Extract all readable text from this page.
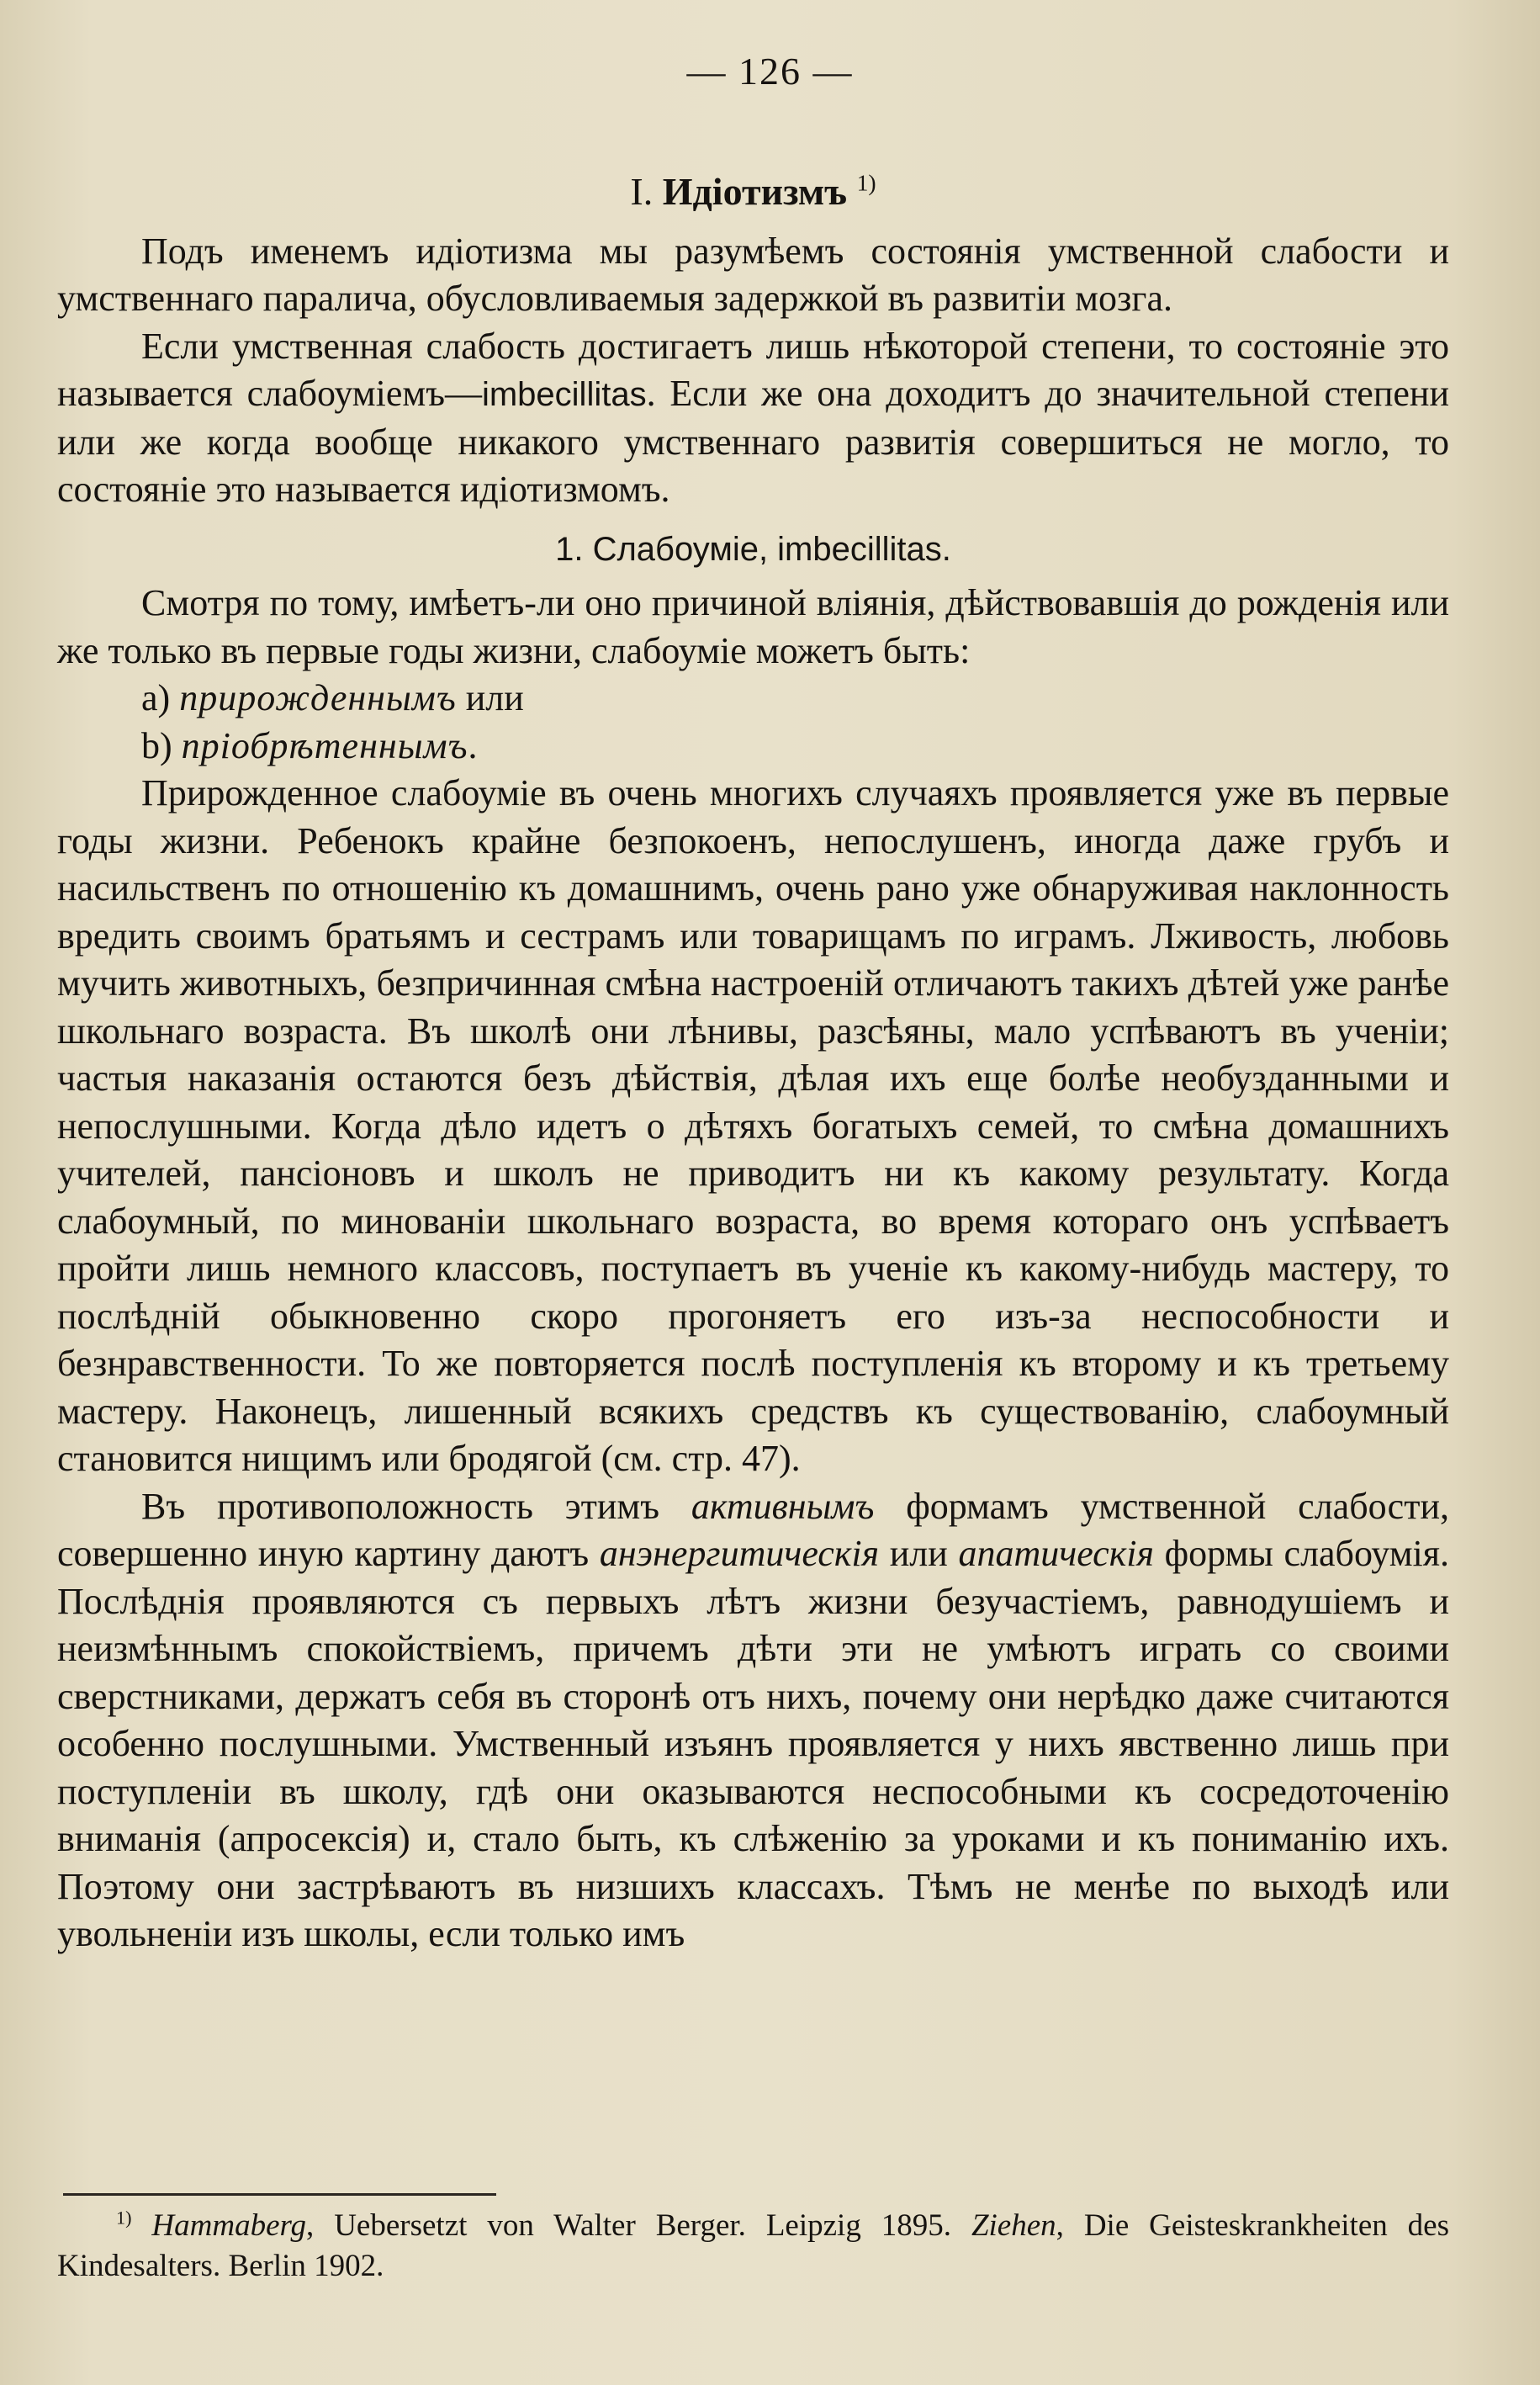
— 126 —
I. Идіотизмъ $^{1)}$

Подъ именемъ идіотизма мы разумѣемъ состоянія умственной слабости и умственнаго паралича, обусловливаемыя задержкой въ развитіи мозга.

Если умственная слабость достигаетъ лишь нѣкоторой степени, то состояніе это называется слабоуміемъ—imbecillitas. Если же она доходитъ до значительной степени или же когда вообще никакого умственнаго развитія совершиться не могло, то состояніе это называется идіотизмомъ.

1. Слабоуміе, imbecillitas.

Смотря по тому, имѣетъ-ли оно причиной вліянія, дѣйствовавшія до рожденія или же только въ первые годы жизни, слабоуміе можетъ быть:

a) прирожденнымъ или
b) пріобрѣтеннымъ.

Прирожденное слабоуміе въ очень многихъ случаяхъ проявляется уже въ первые годы жизни. Ребенокъ крайне безпокоенъ, непослушенъ, иногда даже грубъ и насильственъ по отношенію къ домашнимъ, очень рано уже обнаруживая наклонность вредить своимъ братьямъ и сестрамъ или товарищамъ по играмъ. Лживость, любовь мучить животныхъ, безпричинная смѣна настроеній отличаютъ такихъ дѣтей уже ранѣе школьнаго возраста. Въ школѣ они лѣнивы, разсѣяны, мало успѣваютъ въ ученіи; частыя наказанія остаются безъ дѣйствія, дѣлая ихъ еще болѣе необузданными и непослушными. Когда дѣло идетъ о дѣтяхъ богатыхъ семей, то смѣна домашнихъ учителей, пансіоновъ и школъ не приводитъ ни къ какому результату. Когда слабоумный, по минованіи школьнаго возраста, во время котораго онъ успѣваетъ пройти лишь немного классовъ, поступаетъ въ ученіе къ какому-нибудь мастеру, то послѣдній обыкновенно скоро прогоняетъ его изъ-за неспособности и безнравственности. То же повторяется послѣ поступленія къ второму и къ третьему мастеру. Наконецъ, лишенный всякихъ средствъ къ существованію, слабоумный становится нищимъ или бродягой (см. стр. 47).

Въ противоположность этимъ активнымъ формамъ умственной слабости, совершенно иную картину даютъ анэнергитическія или апатическія формы слабоумія. Послѣднія проявляются съ первыхъ лѣтъ жизни безучастіемъ, равнодушіемъ и неизмѣннымъ спокойствіемъ, причемъ дѣти эти не умѣютъ играть со своими сверстниками, держатъ себя въ сторонѣ отъ нихъ, почему они нерѣдко даже считаются особенно послушными. Умственный изъянъ проявляется у нихъ явственно лишь при поступленіи въ школу, гдѣ они оказываются неспособными къ сосредоточенію вниманія (апросексія) и, стало быть, къ слѣженію за уроками и къ пониманію ихъ. Поэтому они застрѣваютъ въ низшихъ классахъ. Тѣмъ не менѣе по выходѣ или увольненіи изъ школы, если только имъ

$^{1)}$ Hammaberg, Uebersetzt von Walter Berger. Leipzig 1895. Ziehen, Die Geisteskrankheiten des Kindesalters. Berlin 1902.
